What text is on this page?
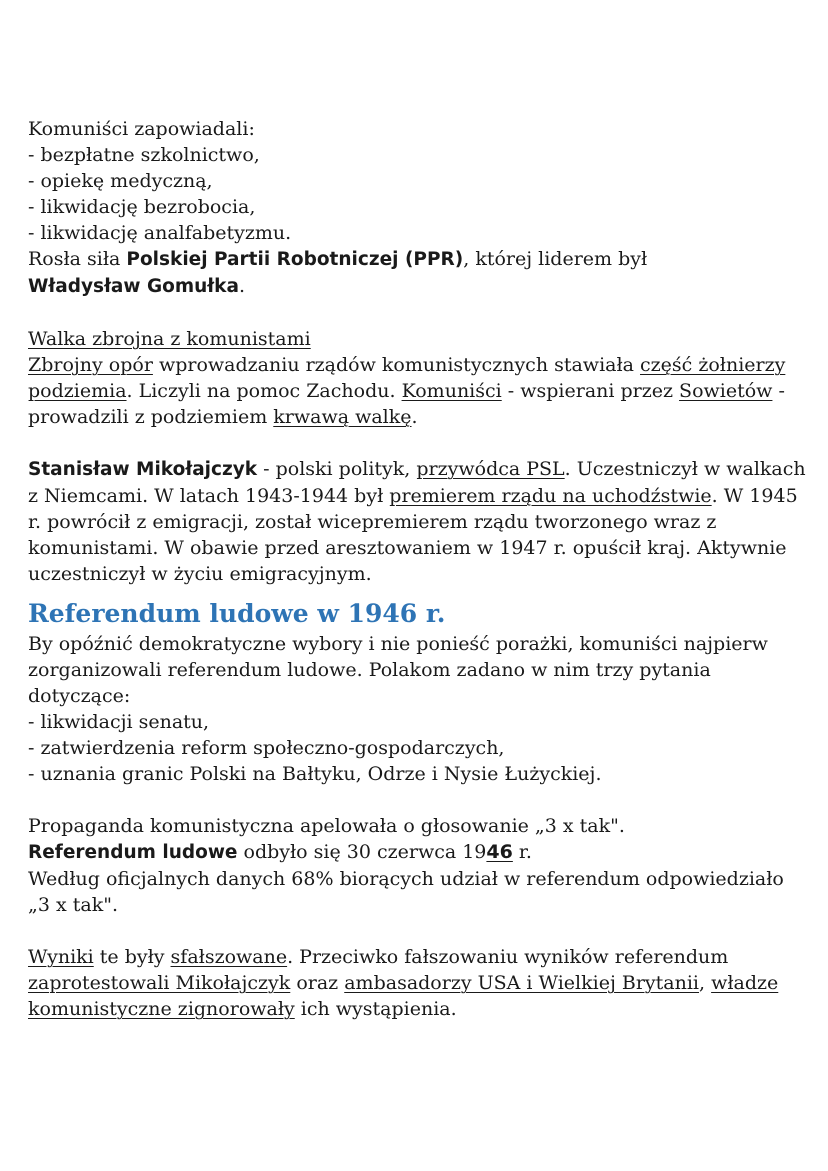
Komuniści zapowiadali:

- bezpłatne szkolnictwo,

- opiekę medyczną,

- likwidację bezrobocia,

- likwidację analfabetyzmu.

Rosła siła Polskiej Partii Robotniczej (PPR), której liderem był
Władysław Gomułka.

Walka zbrojna z komunistami

Zbrojny opór wprowadzaniu rządów komunistycznych stawiała część żołnierzy podziemia. Liczyli na pomoc Zachodu. Komuniści - wspierani przez Sowietów - prowadzili z podziemiem krwawą walkę.

Stanisław Mikołajczyk - polski polityk, przywódca PSL. Uczestniczył w walkach z Niemcami. W latach 1943-1944 był premierem rządu na uchodźstwie. W 1945 r. powrócił z emigracji, został wicepremierem rządu tworzonego wraz z komunistami. W obawie przed aresztowaniem w 1947 r. opuścił kraj. Aktywnie uczestniczył w życiu emigracyjnym.

Referendum ludowe w 1946 r.

By opóźnić demokratyczne wybory i nie ponieść porażki, komuniści najpierw zorganizowali referendum ludowe. Polakom zadano w nim trzy pytania dotyczące:

- likwidacji senatu,

- zatwierdzenia reform społeczno-gospodarczych,

- uznania granic Polski na Bałtyku, Odrze i Nysie Łużyckiej.

Propaganda komunistyczna apelowała o głosowanie „3 x tak".

Referendum ludowe odbyło się 30 czerwca 1946 r.

Według oficjalnych danych 68% biorących udział w referendum odpowiedziało „3 x tak".

Wyniki te były sfałszowane. Przeciwko fałszowaniu wyników referendum zaprotestowali Mikołajczyk oraz ambasadorzy USA i Wielkiej Brytanii, władze komunistyczne zignorowały ich wystąpienia.
